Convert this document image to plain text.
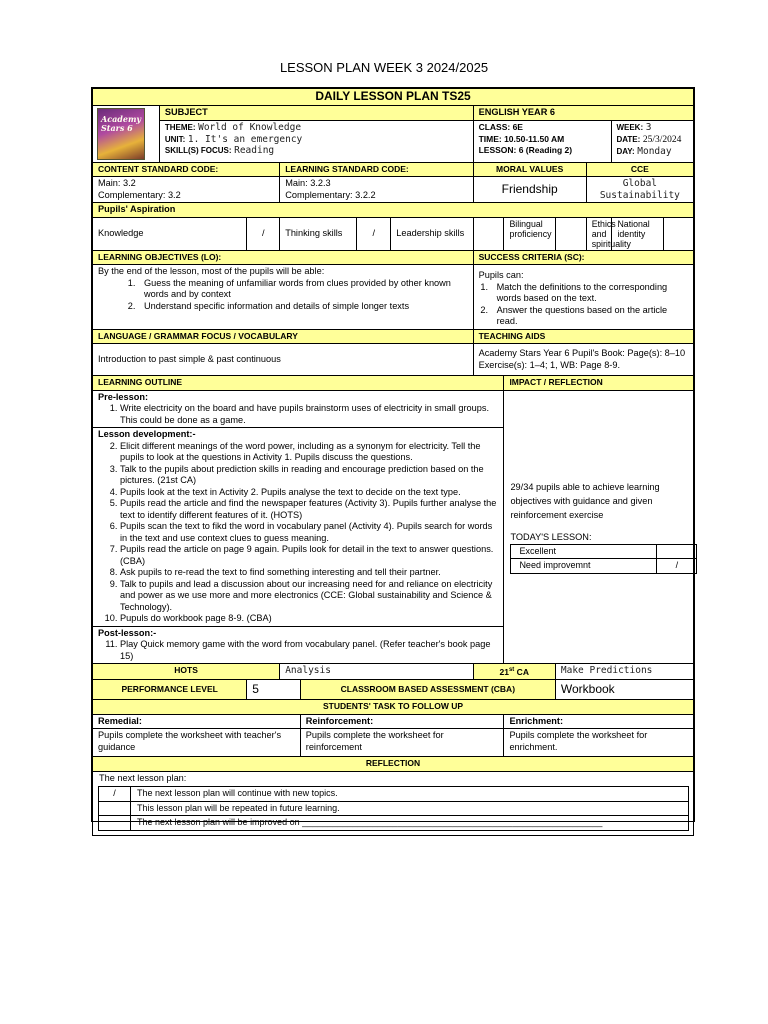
LESSON PLAN WEEK 3 2024/2025
DAILY LESSON PLAN TS25

Academy Stars 6
	SUBJECT	ENGLISH YEAR 6

THEME: World of Knowledge
UNIT: 1. It's an emergency
SKILL(S) FOCUS: Reading

CLASS: 6E
TIME: 10.50-11.50 AM
LESSON: 6 (Reading 2)

WEEK: 3
DATE: 25/3/2024
DAY: Monday

CONTENT STANDARD CODE:	LEARNING STANDARD CODE:	MORAL VALUES	CCE

Main: 3.2
Complementary: 3.2

Main: 3.2.3
Complementary: 3.2.2	Friendship	Global Sustainability
Pupils' Aspiration
Knowledge	/	Thinking skills	/	Leadership skills		Bilingual proficiency		Ethics and spirituality	National identity	
LEARNING OBJECTIVES (LO):	SUCCESS CRITERIA (SC):

By the end of the lesson, most of the pupils will be able:
1. Guess the meaning of unfamiliar words from clues provided by other known words and by context
2. Understand specific information and details of simple longer texts

Pupils can:
1. Match the definitions to the corresponding words based on the text.
2. Answer the questions based on the article read.

LANGUAGE / GRAMMAR FOCUS / VOCABULARY	TEACHING AIDS
Introduction to past simple & past continuous	
Academy Stars Year 6 Pupil's Book: Page(s): 8–10
Exercise(s): 1–4; 1, WB: Page 8-9.

LEARNING OUTLINE	IMPACT / REFLECTION

Pre-lesson:
1. Write electricity on the board and have pupils brainstorm uses of electricity in small groups. This could be done as a game.
Lesson development:-
2. Elicit different meanings of the word power, including as a synonym for electricity. Tell the pupils to look at the questions in Activity 1. Pupils discuss the questions.
3. Talk to the pupils about prediction skills in reading and encourage prediction based on the pictures. (21st CA)
4. Pupils look at the text in Activity 2. Pupils analyse the text to decide on the text type.
5. Pupils read the article and find the newspaper features (Activity 3). Pupils further analyse the text to identify different features of it. (HOTS)
6. Pupils scan the text to fikd the word in vocabulary panel (Activity 4). Pupils search for words in the text and use context clues to guess meaning.
7. Pupils read the article on page 9 again. Pupils look for detail in the text to answer questions. (CBA)
8. Ask pupils to re-read the text to find something interesting and tell their partner.
9. Talk to pupils and lead a discussion about our increasing need for and reliance on electricity and power as we use more and more electronics (CCE: Global sustainability and Science & Technology).
10. Pupuls do workbook page 8-9. (CBA)
Post-lesson:-
11. Play Quick memory game with the word from vocabulary panel. (Refer teacher's book page 15)

29/34 pupils able to achieve learning objectives with guidance and given reinforcement exercise
TODAY'S LESSON:
Excellent	
Need improvemnt	/

HOTS	Analysis	21st CA	Make Predictions
PERFORMANCE LEVEL	5	CLASSROOM BASED ASSESSMENT (CBA)	Workbook
STUDENTS' TASK TO FOLLOW UP
Remedial:	Reinforcement:	Enrichment:
Pupils complete the worksheet with teacher's guidance	Pupils complete the worksheet for reinforcement	Pupils complete the worksheet for enrichment.
REFLECTION

The next lesson plan:
/	The next lesson plan will continue with new topics.
	This lesson plan will be repeated in future learning.
	The next lesson plan will be improved on ____________________________________________________________
